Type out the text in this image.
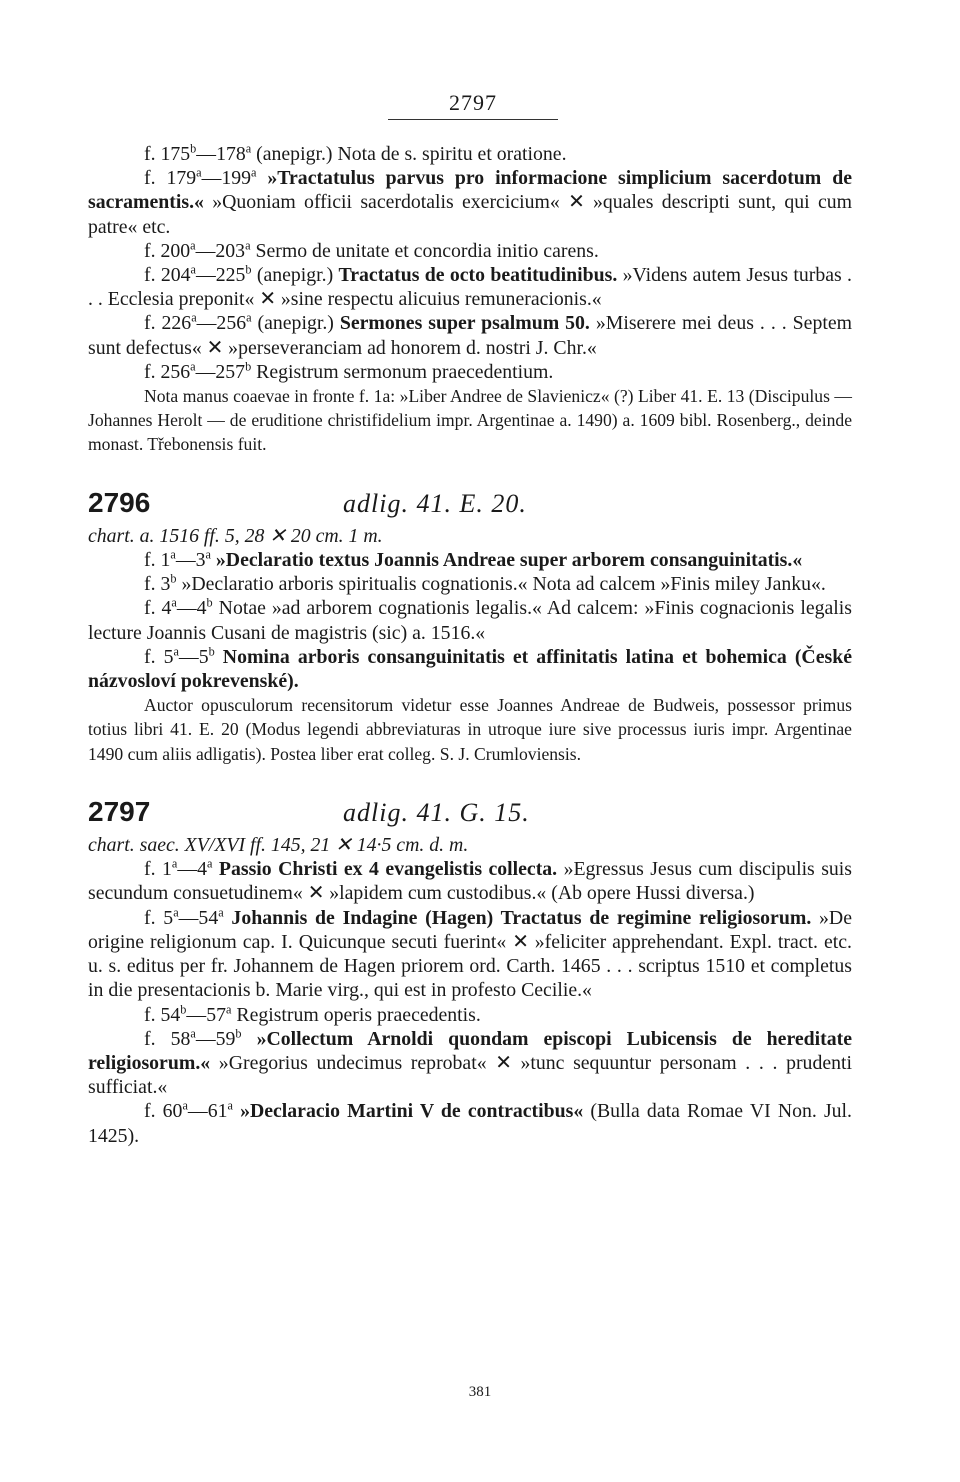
2797

f. 175$^b$—178$^a$ (anepigr.) Nota de s. spiritu et oratione.

f. 179$^a$—199$^a$ »Tractatulus parvus pro informacione simplicium sacerdotum de sacramentis.« »Quoniam officii sacerdotalis exercicium« ✕ »quales descripti sunt, qui cum patre« etc.

f. 200$^a$—203$^a$ Sermo de unitate et concordia initio carens.

f. 204$^a$—225$^b$ (anepigr.) Tractatus de octo beatitudinibus. »Videns autem Jesus turbas . . . Ecclesia preponit« ✕ »sine respectu alicuius remuneracionis.«

f. 226$^a$—256$^a$ (anepigr.) Sermones super psalmum 50. »Miserere mei deus . . . Septem sunt defectus« ✕ »perseveranciam ad honorem d. nostri J. Chr.«

f. 256$^a$—257$^b$ Registrum sermonum praecedentium.

Nota manus coaevae in fronte f. 1a: »Liber Andree de Slavienicz« (?) Liber 41. E. 13 (Discipulus — Johannes Herolt — de eruditione christifidelium impr. Argentinae a. 1490) a. 1609 bibl. Rosenberg., deinde monast. Třebonensis fuit.

2796	adlig. 41. E. 20.

chart. a. 1516 ff. 5, 28 ✕ 20 cm. 1 m.

f. 1$^a$—3$^a$ »Declaratio textus Joannis Andreae super arborem consanguinitatis.«

f. 3$^b$ »Declaratio arboris spiritualis cognationis.« Nota ad calcem »Finis miley Janku«.

f. 4$^a$—4$^b$ Notae »ad arborem cognationis legalis.« Ad calcem: »Finis cognacionis legalis lecture Joannis Cusani de magistris (sic) a. 1516.«

f. 5$^a$—5$^b$ Nomina arboris consanguinitatis et affinitatis latina et bohemica (České názvosloví pokrevenské).

Auctor opusculorum recensitorum videtur esse Joannes Andreae de Budweis, possessor primus totius libri 41. E. 20 (Modus legendi abbreviaturas in utroque iure sive processus iuris impr. Argentinae 1490 cum aliis adligatis). Postea liber erat colleg. S. J. Crumloviensis.

2797	adlig. 41. G. 15.

chart. saec. XV/XVI ff. 145, 21 ✕ 14·5 cm. d. m.

f. 1$^a$—4$^a$ Passio Christi ex 4 evangelistis collecta. »Egressus Jesus cum discipulis suis secundum consuetudinem« ✕ »lapidem cum custodibus.« (Ab opere Hussi diversa.)

f. 5$^a$—54$^a$ Johannis de Indagine (Hagen) Tractatus de regimine religiosorum. »De origine religionum cap. I. Quicunque secuti fuerint« ✕ »feliciter apprehendant. Expl. tract. etc. u. s. editus per fr. Johannem de Hagen priorem ord. Carth. 1465 . . . scriptus 1510 et completus in die presentacionis b. Marie virg., qui est in profesto Cecilie.«

f. 54$^b$—57$^a$ Registrum operis praecedentis.

f. 58$^a$—59$^b$ »Collectum Arnoldi quondam episcopi Lubicensis de hereditate religiosorum.« »Gregorius undecimus reprobat« ✕ »tunc sequuntur personam . . . prudenti sufficiat.«

f. 60$^a$—61$^a$ »Declaracio Martini V de contractibus« (Bulla data Romae VI Non. Jul. 1425).

381
